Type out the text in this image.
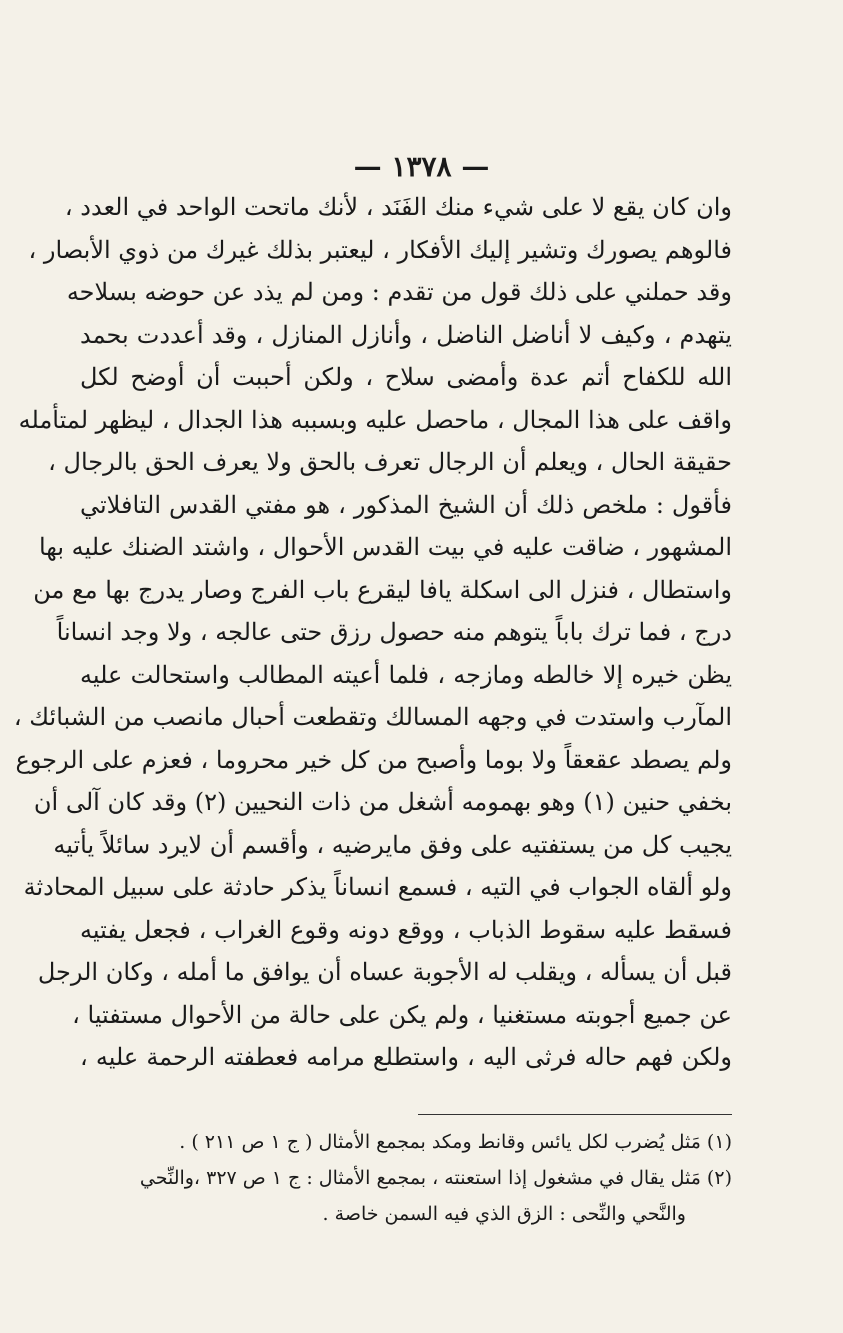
— ١٣٧٨ —
وان كان يقع لا على شيء منك الفَنَد ، لأنك ماتحت الواحد في العدد ،
فالوهم يصورك وتشير إليك الأفكار ، ليعتبر بذلك غيرك من ذوي الأبصار ،
وقد حملني على ذلك قول من تقدم : ومن لم يذد عن حوضه بسلاحه
يتهدم ، وكيف لا أناضل الناضل ، وأنازل المنازل ، وقد أعددت بحمد
الله للكفاح أتم عدة وأمضى سلاح ، ولكن أحببت أن أوضح لكل
واقف على هذا المجال ، ماحصل عليه وبسببه هذا الجدال ، ليظهر لمتأمله
حقيقة الحال ، ويعلم أن الرجال تعرف بالحق ولا يعرف الحق بالرجال ،
فأقول : ملخص ذلك أن الشيخ المذكور ، هو مفتي القدس التافلاتي
المشهور ، ضاقت عليه في بيت القدس الأحوال ، واشتد الضنك عليه بها
واستطال ، فنزل الى اسكلة يافا ليقرع باب الفرج وصار يدرج بها مع من
درج ، فما ترك باباً يتوهم منه حصول رزق حتى عالجه ، ولا وجد انساناً
يظن خيره إلا خالطه ومازجه ، فلما أعيته المطالب واستحالت عليه
المآرب واستدت في وجهه المسالك وتقطعت أحبال مانصب من الشبائك ،
ولم يصطد عقعقاً ولا بوما وأصبح من كل خير محروما ، فعزم على الرجوع
بخفي حنين (١) وهو بهمومه أشغل من ذات النحيين (٢) وقد كان آلى أن
يجيب كل من يستفتيه على وفق مايرضيه ، وأقسم أن لايرد سائلاً يأتيه
ولو ألقاه الجواب في التيه ، فسمع انساناً يذكر حادثة على سبيل المحادثة
فسقط عليه سقوط الذباب ، ووقع دونه وقوع الغراب ، فجعل يفتيه
قبل أن يسأله ، ويقلب له الأجوبة عساه أن يوافق ما أمله ، وكان الرجل
عن جميع أجوبته مستغنيا ، ولم يكن على حالة من الأحوال مستفتيا ،
ولكن فهم حاله فرثى اليه ، واستطلع مرامه فعطفته الرحمة عليه ،
(١) مَثل يُضرب لكل يائس وقانط ومكد بمجمع الأمثال ( ج ١ ص ٢١١ ) .
(٢) مَثل يقال في مشغول إذا استعنته ، بمجمع الأمثال : ج ١ ص ٣٢٧ ،والنِّحي
والنَّحي والنِّحى : الزق الذي فيه السمن خاصة .
